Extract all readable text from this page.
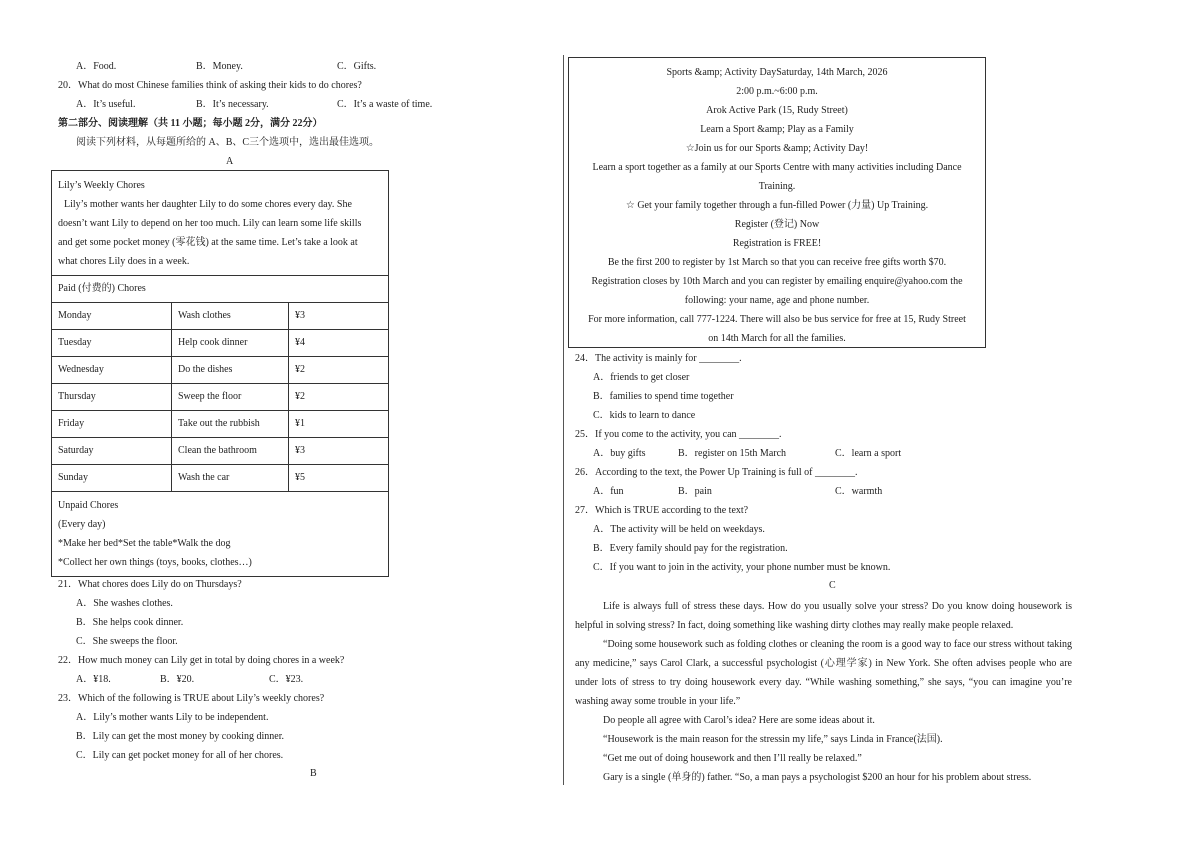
A．Food.	B．Money.	C．Gifts.
20．What do most Chinese families think of asking their kids to do chores?
A．It’s useful.	B．It’s necessary.	C．It’s a waste of time.
第二部分、阅读理解（共 11 小题；每小题 2分，满分 22分）
阅读下列材料，从每题所给的 A、B、C三个选项中，选出最佳选项。
A
Lily’s Weekly Chores
Lily’s mother wants her daughter Lily to do some chores every day. She
doesn’t want Lily to depend on her too much. Lily can learn some life skills
and get some pocket money (零花钱) at the same time. Let’s take a look at
what chores Lily does in a week.
Paid (付费的) Chores
Monday	Wash clothes	¥3
Tuesday	Help cook dinner	¥4
Wednesday	Do the dishes	¥2
Thursday	Sweep the floor	¥2
Friday	Take out the rubbish	¥1
Saturday	Clean the bathroom	¥3
Sunday	Wash the car	¥5
Unpaid Chores
(Every day)
*Make her bed*Set the table*Walk the dog
*Collect her own things (toys, books, clothes…)
21．What chores does Lily do on Thursdays?
A．She washes clothes.
B．She helps cook dinner.
C．She sweeps the floor.
22．How much money can Lily get in total by doing chores in a week?
A．¥18.	B．¥20.	C．¥23.
23．Which of the following is TRUE about Lily’s weekly chores?
A．Lily’s mother wants Lily to be independent.
B．Lily can get the most money by cooking dinner.
C．Lily can get pocket money for all of her chores.
B
Sports &amp; Activity DaySaturday, 14th March, 2026
2:00 p.m.~6:00 p.m.
Arok Active Park (15, Rudy Street)
Learn a Sport &amp; Play as a Family
☆Join us for our Sports &amp; Activity Day!
Learn a sport together as a family at our Sports Centre with many activities including Dance
Training.
☆ Get your family together through a fun-filled Power (力量) Up Training.
Register (登记) Now
Registration is FREE!
Be the first 200 to register by 1st March so that you can receive free gifts worth $70.
Registration closes by 10th March and you can register by emailing enquire@yahoo.com the
following: your name, age and phone number.
For more information, call 777-1224. There will also be bus service for free at 15, Rudy Street
on 14th March for all the families.
24．The activity is mainly for ________.
A．friends to get closer
B．families to spend time together
C．kids to learn to dance
25．If you come to the activity, you can ________.
A．buy gifts	B．register on 15th March	C．learn a sport
26．According to the text, the Power Up Training is full of ________.
A．fun	B．pain	C．warmth
27．Which is TRUE according to the text?
A．The activity will be held on weekdays.
B．Every family should pay for the registration.
C．If you want to join in the activity, your phone number must be known.
C
Life is always full of stress these days. How do you usually solve your stress? Do you know doing housework is helpful in solving stress? In fact, doing something like washing dirty clothes may really make people relaxed.
“Doing some housework such as folding clothes or cleaning the room is a good way to face our stress without taking any medicine,” says Carol Clark, a successful psychologist (心理学家) in New York. She often advises people who are under lots of stress to try doing housework every day. “While washing something,” she says, “you can imagine you’re washing away some trouble in your life.”
Do people all agree with Carol’s idea? Here are some ideas about it.
“Housework is the main reason for the stressin my life,” says Linda in France(法国).
“Get me out of doing housework and then I’ll really be relaxed.”
Gary is a single (单身的) father. “So, a man pays a psychologist $200 an hour for his problem about stress.
